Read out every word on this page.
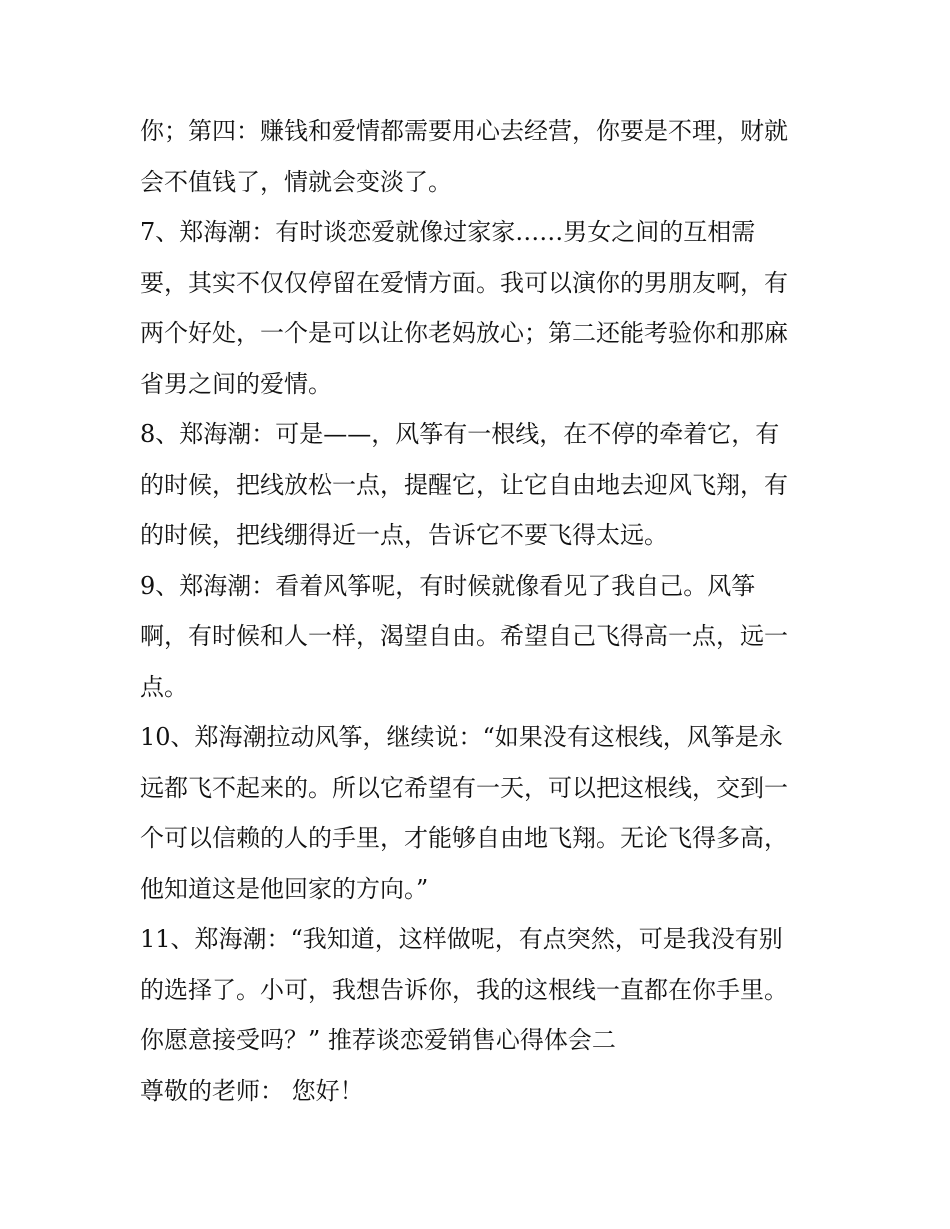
你；第四：赚钱和爱情都需要用心去经营，你要是不理，财就
会不值钱了，情就会变淡了。
7、郑海潮：有时谈恋爱就像过家家……男女之间的互相需
要，其实不仅仅停留在爱情方面。我可以演你的男朋友啊，有
两个好处，一个是可以让你老妈放心；第二还能考验你和那麻
省男之间的爱情。
8、郑海潮：可是——，风筝有一根线，在不停的牵着它，有
的时候，把线放松一点，提醒它，让它自由地去迎风飞翔，有
的时候，把线绷得近一点，告诉它不要飞得太远。
9、郑海潮：看着风筝呢，有时候就像看见了我自己。风筝
啊，有时候和人一样，渴望自由。希望自己飞得高一点，远一
点。
10、郑海潮拉动风筝，继续说：“如果没有这根线，风筝是永
远都飞不起来的。所以它希望有一天，可以把这根线，交到一
个可以信赖的人的手里，才能够自由地飞翔。无论飞得多高，
他知道这是他回家的方向。”
11、郑海潮：“我知道，这样做呢，有点突然，可是我没有别
的选择了。小可，我想告诉你，我的这根线一直都在你手里。
你愿意接受吗？” 推荐谈恋爱销售心得体会二
尊敬的老师： 您好！
